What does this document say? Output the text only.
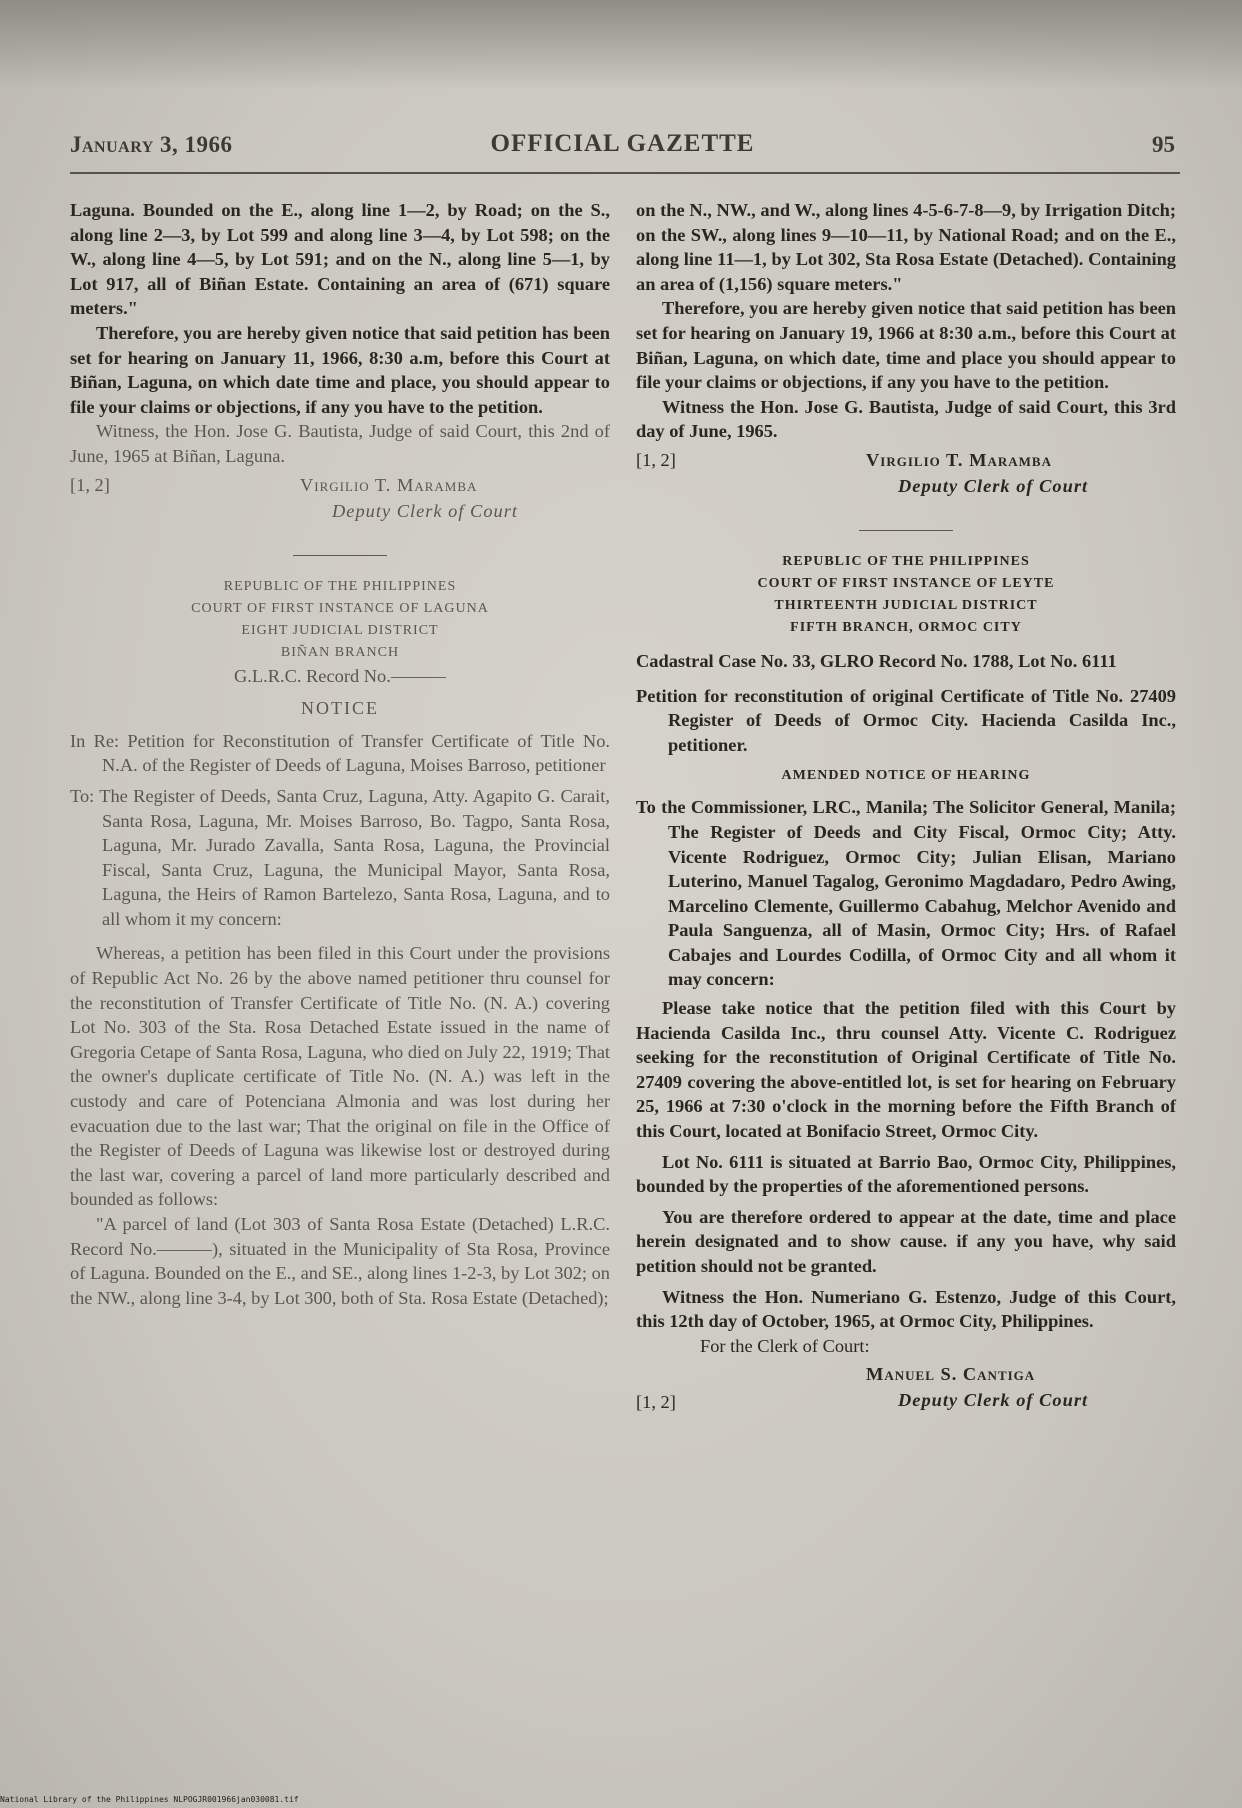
January 3, 1966	OFFICIAL GAZETTE	95

Laguna. Bounded on the E., along line 1—2, by Road; on the S., along line 2—3, by Lot 599 and along line 3—4, by Lot 598; on the W., along line 4—5, by Lot 591; and on the N., along line 5—1, by Lot 917, all of Biñan Estate. Containing an area of (671) square meters."

Therefore, you are hereby given notice that said petition has been set for hearing on January 11, 1966, 8:30 a.m, before this Court at Biñan, Laguna, on which date time and place, you should appear to file your claims or objections, if any you have to the petition.

Witness, the Hon. Jose G. Bautista, Judge of said Court, this 2nd of June, 1965 at Biñan, Laguna.

[1, 2]	Virgilio T. Maramba
Deputy Clerk of Court
REPUBLIC OF THE PHILIPPINES
COURT OF FIRST INSTANCE OF LAGUNA
EIGHT JUDICIAL DISTRICT
BIÑAN BRANCH

G.L.R.C. Record No.———

NOTICE

In Re: Petition for Reconstitution of Transfer Certificate of Title No. N.A. of the Register of Deeds of Laguna, Moises Barroso, petitioner

To: The Register of Deeds, Santa Cruz, Laguna, Atty. Agapito G. Carait, Santa Rosa, Laguna, Mr. Moises Barroso, Bo. Tagpo, Santa Rosa, Laguna, Mr. Jurado Zavalla, Santa Rosa, Laguna, the Provincial Fiscal, Santa Cruz, Laguna, the Municipal Mayor, Santa Rosa, Laguna, the Heirs of Ramon Bartelezo, Santa Rosa, Laguna, and to all whom it my concern:

Whereas, a petition has been filed in this Court under the provisions of Republic Act No. 26 by the above named petitioner thru counsel for the reconstitution of Transfer Certificate of Title No. (N. A.) covering Lot No. 303 of the Sta. Rosa Detached Estate issued in the name of Gregoria Cetape of Santa Rosa, Laguna, who died on July 22, 1919; That the owner's duplicate certificate of Title No. (N. A.) was left in the custody and care of Potenciana Almonia and was lost during her evacuation due to the last war; That the original on file in the Office of the Register of Deeds of Laguna was likewise lost or destroyed during the last war, covering a parcel of land more particularly described and bounded as follows:

"A parcel of land (Lot 303 of Santa Rosa Estate (Detached) L.R.C. Record No.———), situated in the Municipality of Sta Rosa, Province of Laguna. Bounded on the E., and SE., along lines 1-2-3, by Lot 302; on the NW., along line 3-4, by Lot 300, both of Sta. Rosa Estate (Detached);

on the N., NW., and W., along lines 4-5-6-7-8—9, by Irrigation Ditch; on the SW., along lines 9—10—11, by National Road; and on the E., along line 11—1, by Lot 302, Sta Rosa Estate (Detached). Containing an area of (1,156) square meters."

Therefore, you are hereby given notice that said petition has been set for hearing on January 19, 1966 at 8:30 a.m., before this Court at Biñan, Laguna, on which date, time and place you should appear to file your claims or objections, if any you have to the petition.

Witness the Hon. Jose G. Bautista, Judge of said Court, this 3rd day of June, 1965.

[1, 2]	Virgilio T. Maramba
Deputy Clerk of Court
REPUBLIC OF THE PHILIPPINES
COURT OF FIRST INSTANCE OF LEYTE
THIRTEENTH JUDICIAL DISTRICT
FIFTH BRANCH, ORMOC CITY

Cadastral Case No. 33, GLRO Record No. 1788, Lot No. 6111

Petition for reconstitution of original Certificate of Title No. 27409 Register of Deeds of Ormoc City. Hacienda Casilda Inc., petitioner.

AMENDED NOTICE OF HEARING

To the Commissioner, LRC., Manila; The Solicitor General, Manila; The Register of Deeds and City Fiscal, Ormoc City; Atty. Vicente Rodriguez, Ormoc City; Julian Elisan, Mariano Luterino, Manuel Tagalog, Geronimo Magdadaro, Pedro Awing, Marcelino Clemente, Guillermo Cabahug, Melchor Avenido and Paula Sanguenza, all of Masin, Ormoc City; Hrs. of Rafael Cabajes and Lourdes Codilla, of Ormoc City and all whom it may concern:

Please take notice that the petition filed with this Court by Hacienda Casilda Inc., thru counsel Atty. Vicente C. Rodriguez seeking for the reconstitution of Original Certificate of Title No. 27409 covering the above-entitled lot, is set for hearing on February 25, 1966 at 7:30 o'clock in the morning before the Fifth Branch of this Court, located at Bonifacio Street, Ormoc City.

Lot No. 6111 is situated at Barrio Bao, Ormoc City, Philippines, bounded by the properties of the aforementioned persons.

You are therefore ordered to appear at the date, time and place herein designated and to show cause. if any you have, why said petition should not be granted.

Witness the Hon. Numeriano G. Estenzo, Judge of this Court, this 12th day of October, 1965, at Ormoc City, Philippines.

For the Clerk of Court:

[1, 2]
Manuel S. Cantiga
Deputy Clerk of Court
National Library of the Philippines NLPOGJR001966jan030081.tif
